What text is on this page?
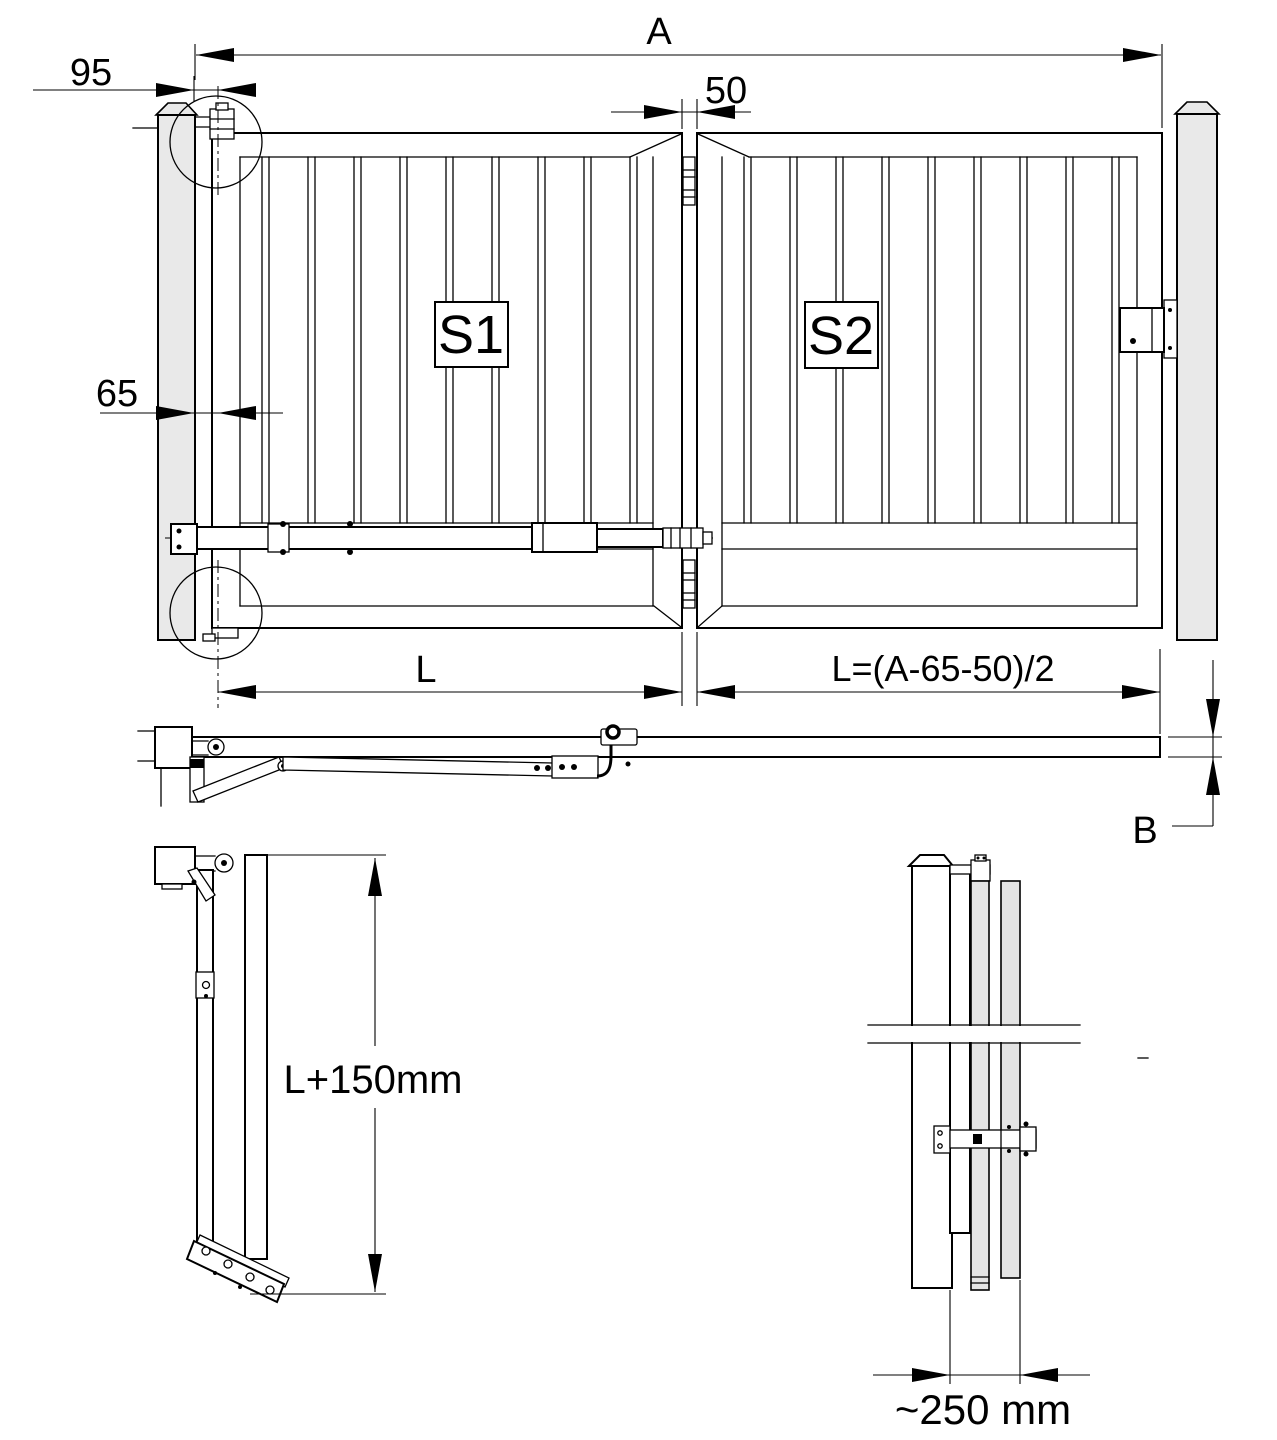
S1	S2
A
95	50
65
L	L=(A-65-50)/2
B
L+150mm
~250 mm
